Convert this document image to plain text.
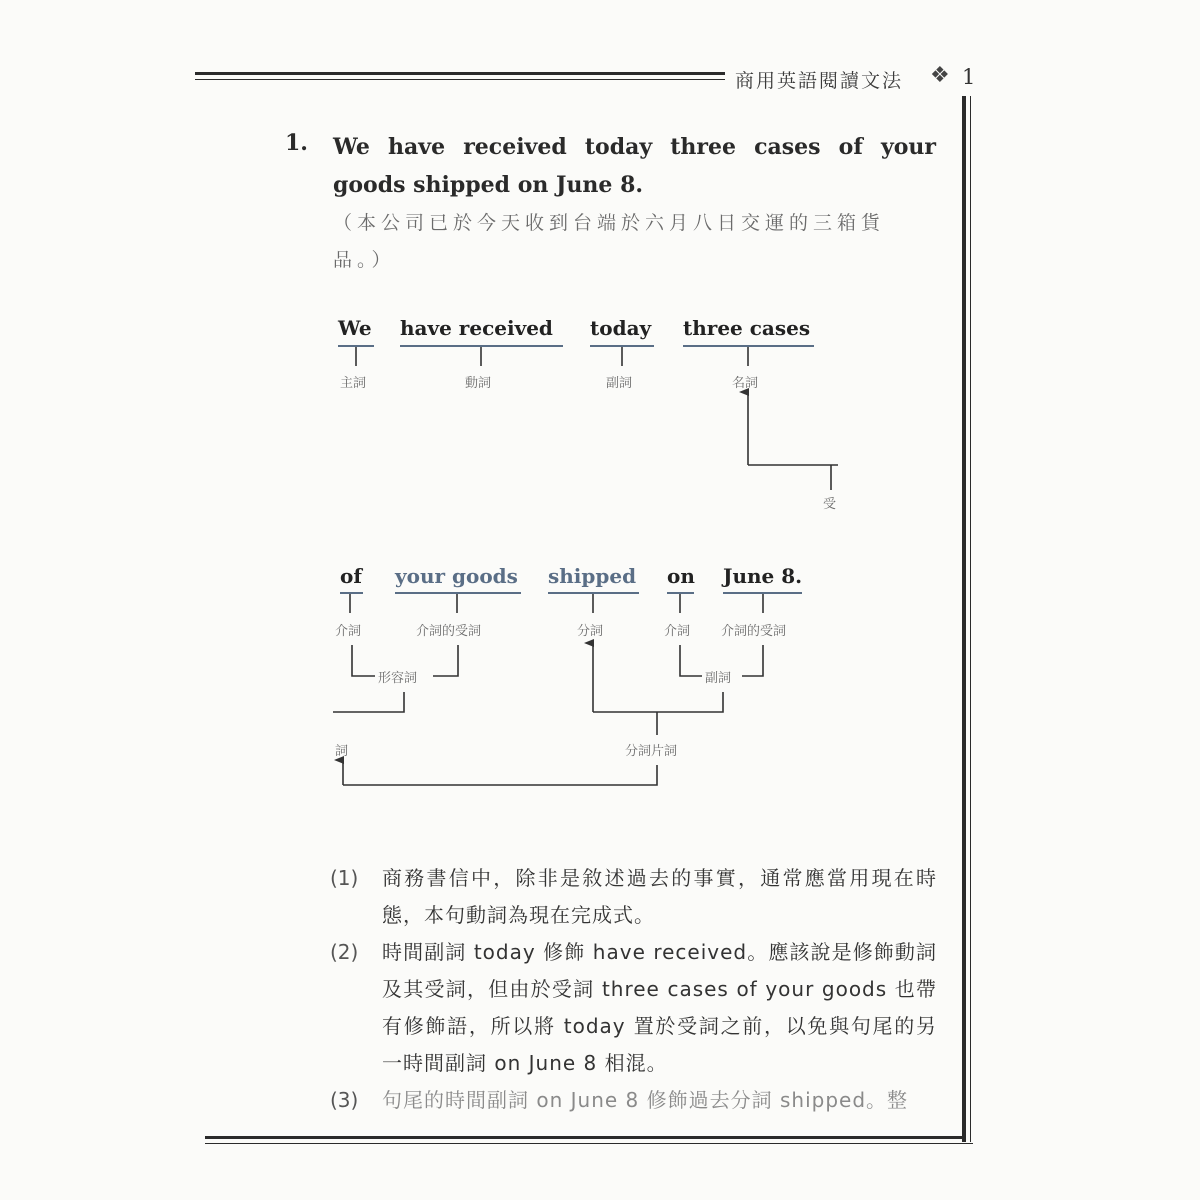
商用英語閱讀文法 ❖ 1
1. We have received today three cases of your goods shipped on June 8.
（本公司已於今天收到台端於六月八日交運的三箱貨品。）
We have received today three cases
主詞	動詞	副詞	名詞
受
of your goods shipped on June 8.
介詞	介詞的受詞	分詞	介詞 介詞的受詞
形容詞	副詞
詞	分詞片詞
(1) 商務書信中，除非是敘述過去的事實，通常應當用現在時態，本句動詞為現在完成式。
(2) 時間副詞 today 修飾 have received。應該說是修飾動詞及其受詞，但由於受詞 three cases of your goods 也帶有修飾語，所以將 today 置於受詞之前，以免與句尾的另一時間副詞 on June 8 相混。
(3) 句尾的時間副詞 on June 8 修飾過去分詞 shipped。整
